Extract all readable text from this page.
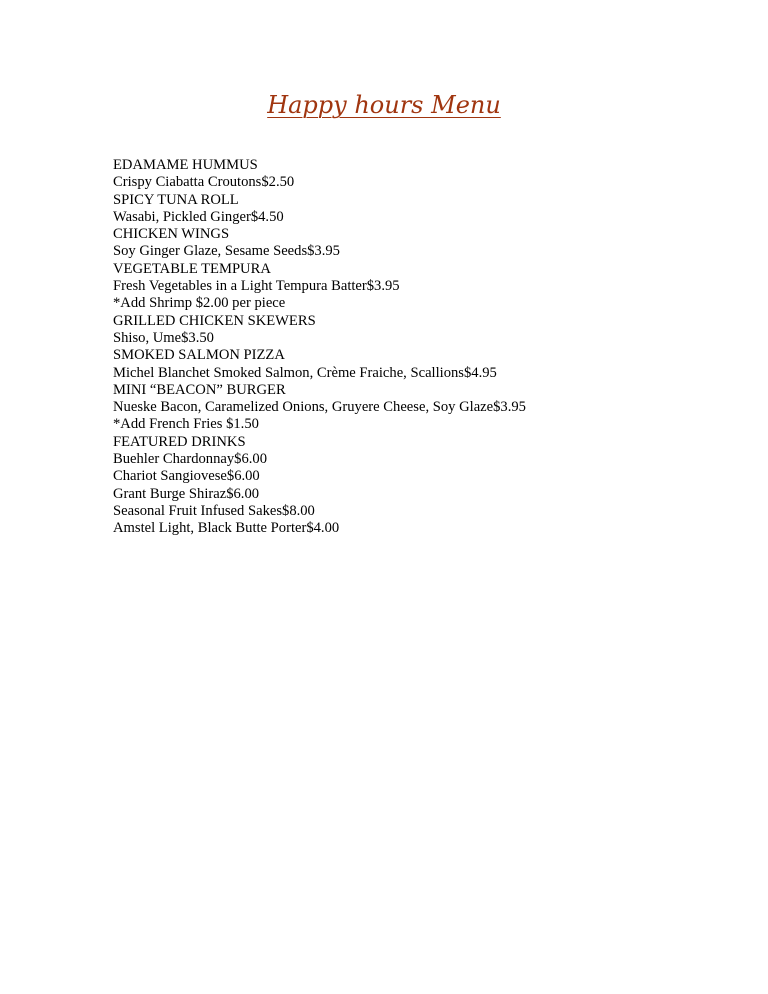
Happy hours Menu

EDAMAME HUMMUS

Crispy Ciabatta Croutons$2.50

SPICY TUNA ROLL

Wasabi, Pickled Ginger$4.50

CHICKEN WINGS

Soy Ginger Glaze, Sesame Seeds$3.95

VEGETABLE TEMPURA

Fresh Vegetables in a Light Tempura Batter$3.95

*Add Shrimp $2.00 per piece

GRILLED CHICKEN SKEWERS

Shiso, Ume$3.50

SMOKED SALMON PIZZA

Michel Blanchet Smoked Salmon, Crème Fraiche, Scallions$4.95

MINI “BEACON” BURGER

Nueske Bacon, Caramelized Onions, Gruyere Cheese, Soy Glaze$3.95

*Add French Fries $1.50

FEATURED DRINKS

Buehler Chardonnay$6.00

Chariot Sangiovese$6.00

Grant Burge Shiraz$6.00

Seasonal Fruit Infused Sakes$8.00

Amstel Light, Black Butte Porter$4.00
